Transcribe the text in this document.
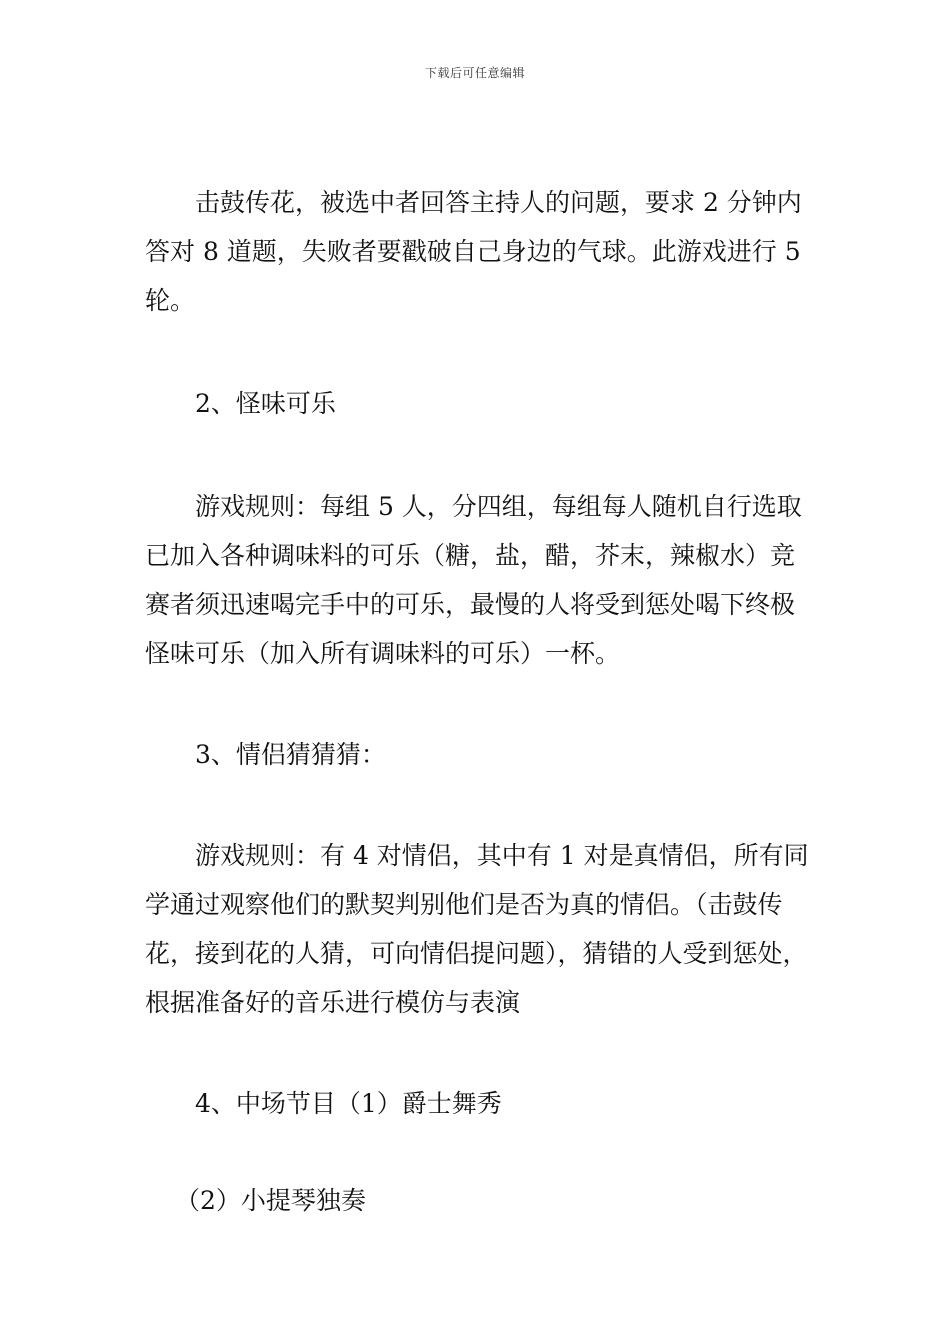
下载后可任意编辑

击鼓传花，被选中者回答主持人的问题，要求 2 分钟内答对 8 道题，失败者要戳破自己身边的气球。此游戏进行 5 轮。

2、怪味可乐

游戏规则：每组 5 人，分四组，每组每人随机自行选取已加入各种调味料的可乐（糖，盐，醋，芥末，辣椒水）竞赛者须迅速喝完手中的可乐，最慢的人将受到惩处喝下终极怪味可乐（加入所有调味料的可乐）一杯。

3、情侣猜猜猜：

游戏规则：有 4 对情侣，其中有 1 对是真情侣，所有同学通过观察他们的默契判别他们是否为真的情侣。（击鼓传花，接到花的人猜，可向情侣提问题），猜错的人受到惩处，根据准备好的音乐进行模仿与表演

4、中场节目（1）爵士舞秀

（2）小提琴独奏
